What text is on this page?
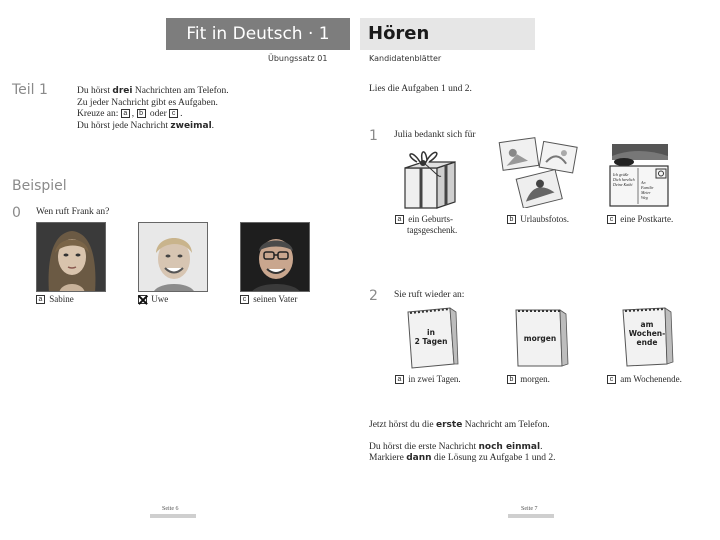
Fit in Deutsch · 1	Hören
Übungssatz 01	Kandidatenblätter
Teil 1	Du hörst drei Nachrichten am Telefon.
Zu jeder Nachricht gibt es Aufgaben.
Kreuze an: a , b oder c .
Du hörst jede Nachricht zweimal.
Beispiel
0 Wen ruft Frank an?
a Sabine	Uwe	c seinen Vater
Seite 6
Lies die Aufgaben 1 und 2.
1 Julia bedankt sich für
Ich grüße
Dich herzlich
Deine Kathi	An
Familie
Meier
Weg
a ein Geburts-
tagsgeschenk.
b Urlaubsfotos.	c eine Postkarte.
2 Sie ruft wieder an:
in
2 Tagen	morgen
am
Wochen-
ende
a in zwei Tagen.	b morgen.	c am Wochenende.
Jetzt hörst du die erste Nachricht am Telefon.
Du hörst die erste Nachricht noch einmal.
Markiere dann die Lösung zu Aufgabe 1 und 2.
Seite 7
